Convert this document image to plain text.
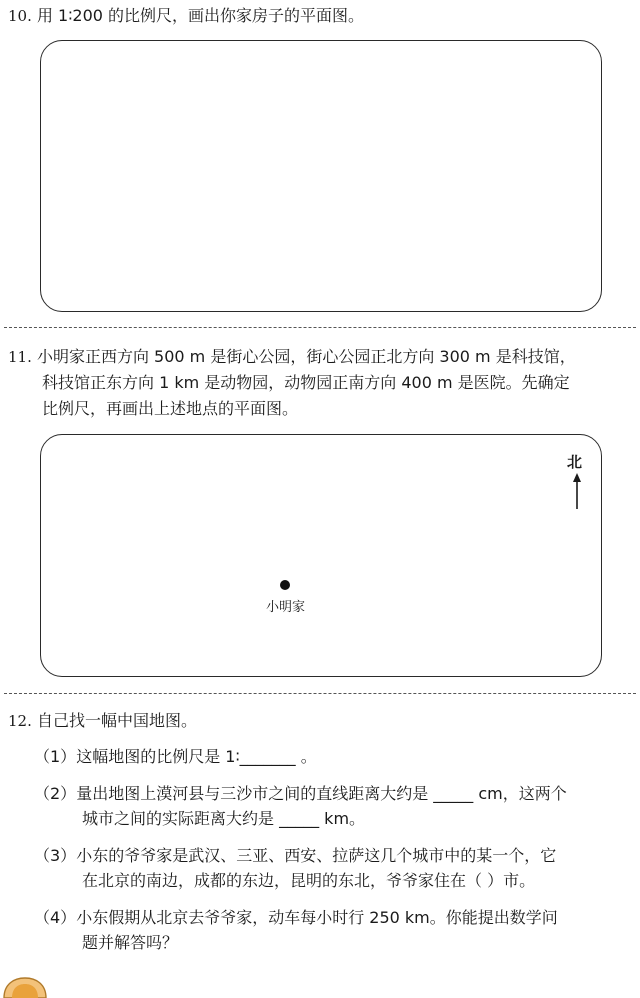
10. 用 1∶200 的比例尺，画出你家房子的平面图。
11. 小明家正西方向 500 m 是街心公园，街心公园正北方向 300 m 是科技馆，
科技馆正东方向 1 km 是动物园，动物园正南方向 400 m 是医院。先确定
比例尺，再画出上述地点的平面图。
北
小明家
12. 自己找一幅中国地图。
（1）这幅地图的比例尺是 1∶_______ 。
（2）量出地图上漠河县与三沙市之间的直线距离大约是 _____ cm，这两个
城市之间的实际距离大约是 _____ km。
（3）小东的爷爷家是武汉、三亚、西安、拉萨这几个城市中的某一个，它
在北京的南边，成都的东边，昆明的东北，爷爷家住在（ ）市。
（4）小东假期从北京去爷爷家，动车每小时行 250 km。你能提出数学问
题并解答吗？
